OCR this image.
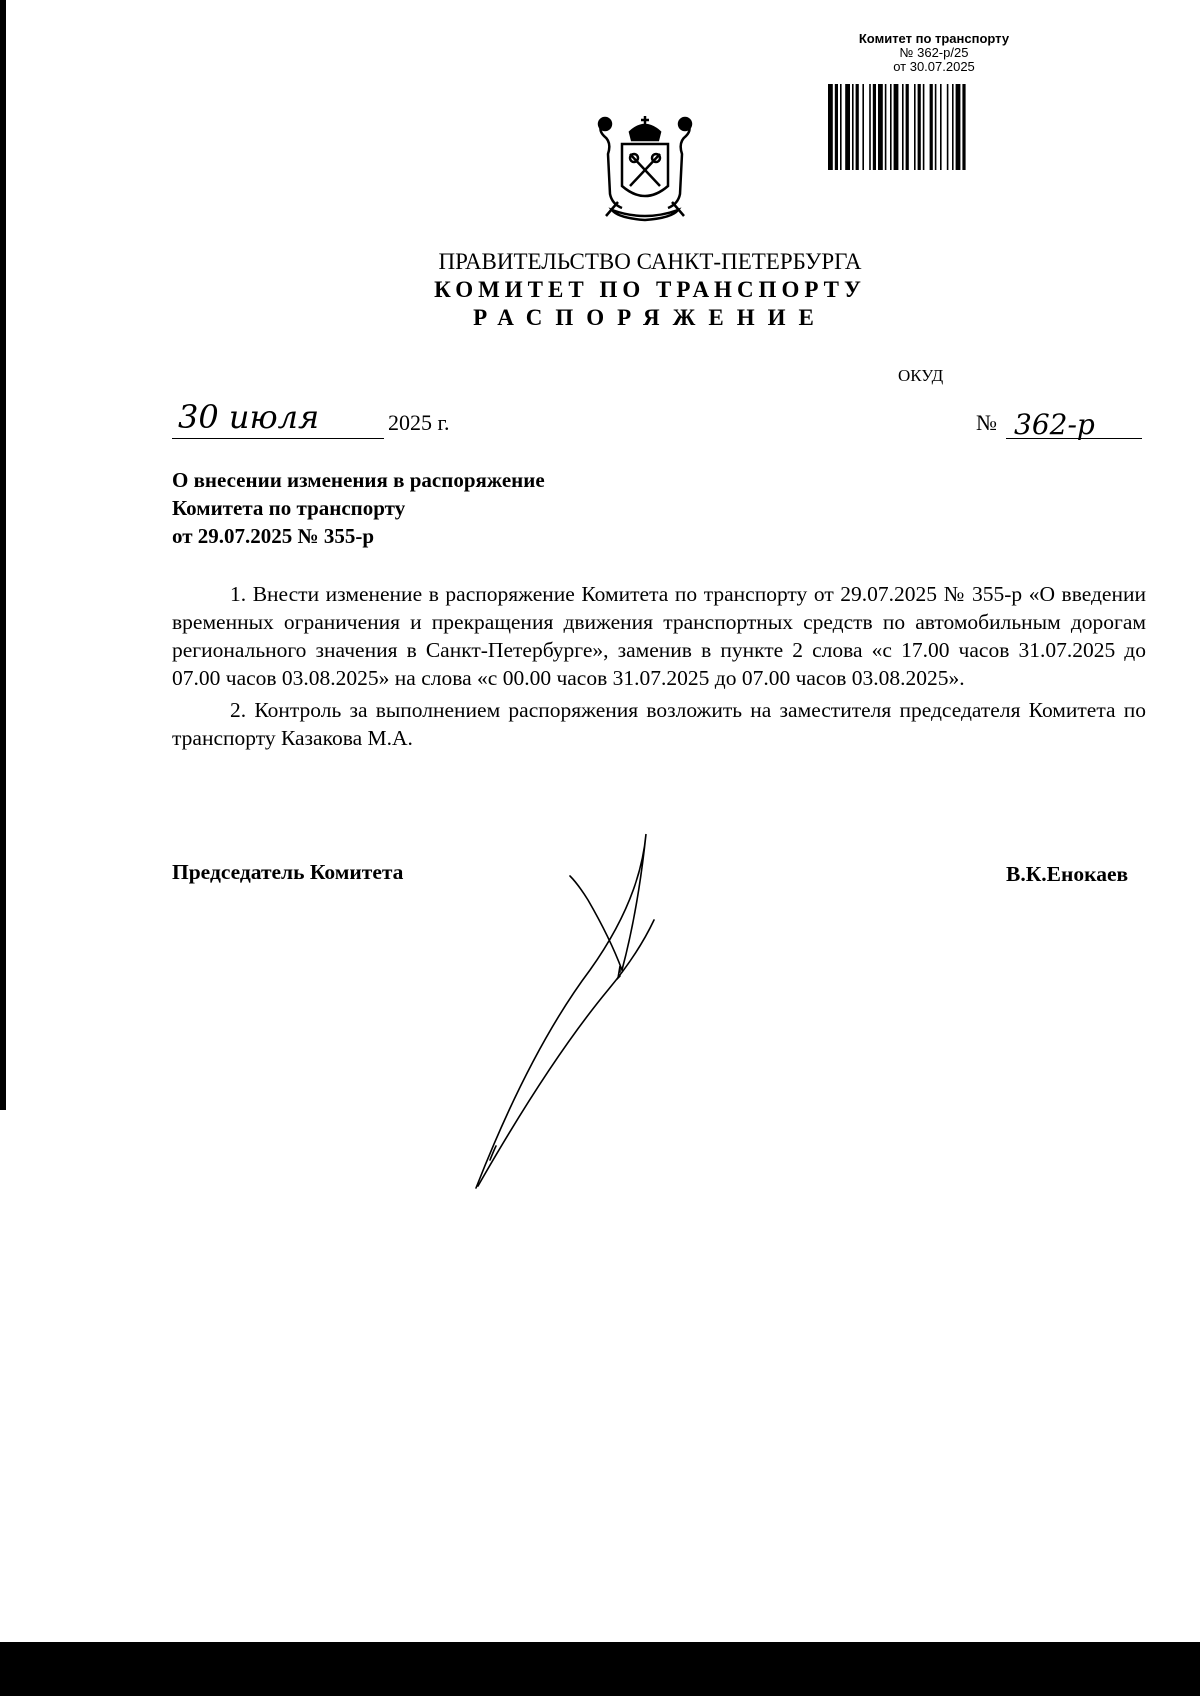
Комитет по транспорту
№ 362-р/25
от 30.07.2025
ПРАВИТЕЛЬСТВО САНКТ-ПЕТЕРБУРГА
КОМИТЕТ ПО ТРАНСПОРТУ
РАСПОРЯЖЕНИЕ
ОКУД
30 июля	2025 г.	№ 362-р
О внесении изменения в распоряжение
Комитета по транспорту
от 29.07.2025 № 355-р

1. Внести изменение в распоряжение Комитета по транспорту от 29.07.2025 № 355-р «О введении временных ограничения и прекращения движения транспортных средств по автомобильным дорогам регионального значения в Санкт-Петербурге», заменив в пункте 2 слова «с 17.00 часов 31.07.2025 до 07.00 часов 03.08.2025» на слова «с 00.00 часов 31.07.2025 до 07.00 часов 03.08.2025».

2. Контроль за выполнением распоряжения возложить на заместителя председателя Комитета по транспорту Казакова М.А.

Председатель Комитета	В.К.Енокаев
